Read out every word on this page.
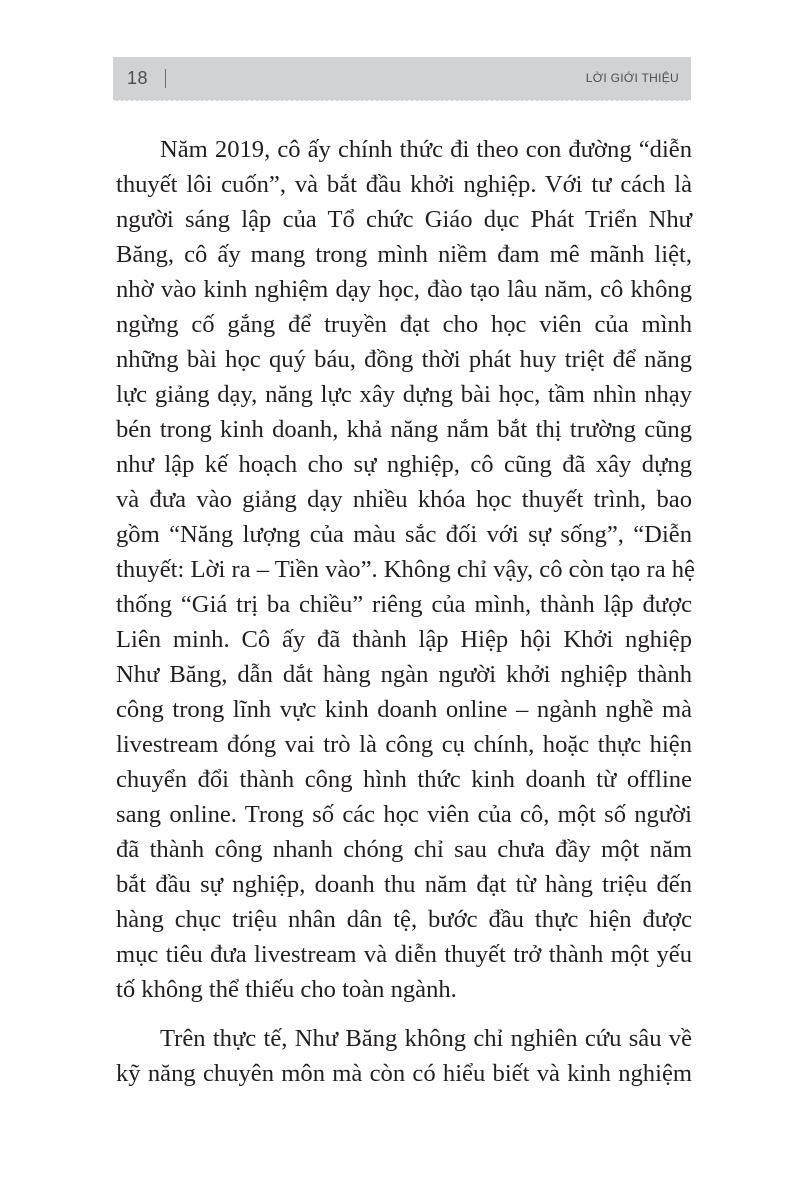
18	LỜI GIỚI THIỆU
Năm 2019, cô ấy chính thức đi theo con đường “diễn
thuyết lôi cuốn”, và bắt đầu khởi nghiệp. Với tư cách là
người sáng lập của Tổ chức Giáo dục Phát Triển Như
Băng, cô ấy mang trong mình niềm đam mê mãnh liệt,
nhờ vào kinh nghiệm dạy học, đào tạo lâu năm, cô không
ngừng cố gắng để truyền đạt cho học viên của mình
những bài học quý báu, đồng thời phát huy triệt để năng
lực giảng dạy, năng lực xây dựng bài học, tầm nhìn nhạy
bén trong kinh doanh, khả năng nắm bắt thị trường cũng
như lập kế hoạch cho sự nghiệp, cô cũng đã xây dựng
và đưa vào giảng dạy nhiều khóa học thuyết trình, bao
gồm “Năng lượng của màu sắc đối với sự sống”, “Diễn
thuyết: Lời ra – Tiền vào”. Không chỉ vậy, cô còn tạo ra hệ
thống “Giá trị ba chiều” riêng của mình, thành lập được
Liên minh. Cô ấy đã thành lập Hiệp hội Khởi nghiệp
Như Băng, dẫn dắt hàng ngàn người khởi nghiệp thành
công trong lĩnh vực kinh doanh online – ngành nghề mà
livestream đóng vai trò là công cụ chính, hoặc thực hiện
chuyển đổi thành công hình thức kinh doanh từ offline
sang online. Trong số các học viên của cô, một số người
đã thành công nhanh chóng chỉ sau chưa đầy một năm
bắt đầu sự nghiệp, doanh thu năm đạt từ hàng triệu đến
hàng chục triệu nhân dân tệ, bước đầu thực hiện được
mục tiêu đưa livestream và diễn thuyết trở thành một yếu
tố không thể thiếu cho toàn ngành.
Trên thực tế, Như Băng không chỉ nghiên cứu sâu về
kỹ năng chuyên môn mà còn có hiểu biết và kinh nghiệm
